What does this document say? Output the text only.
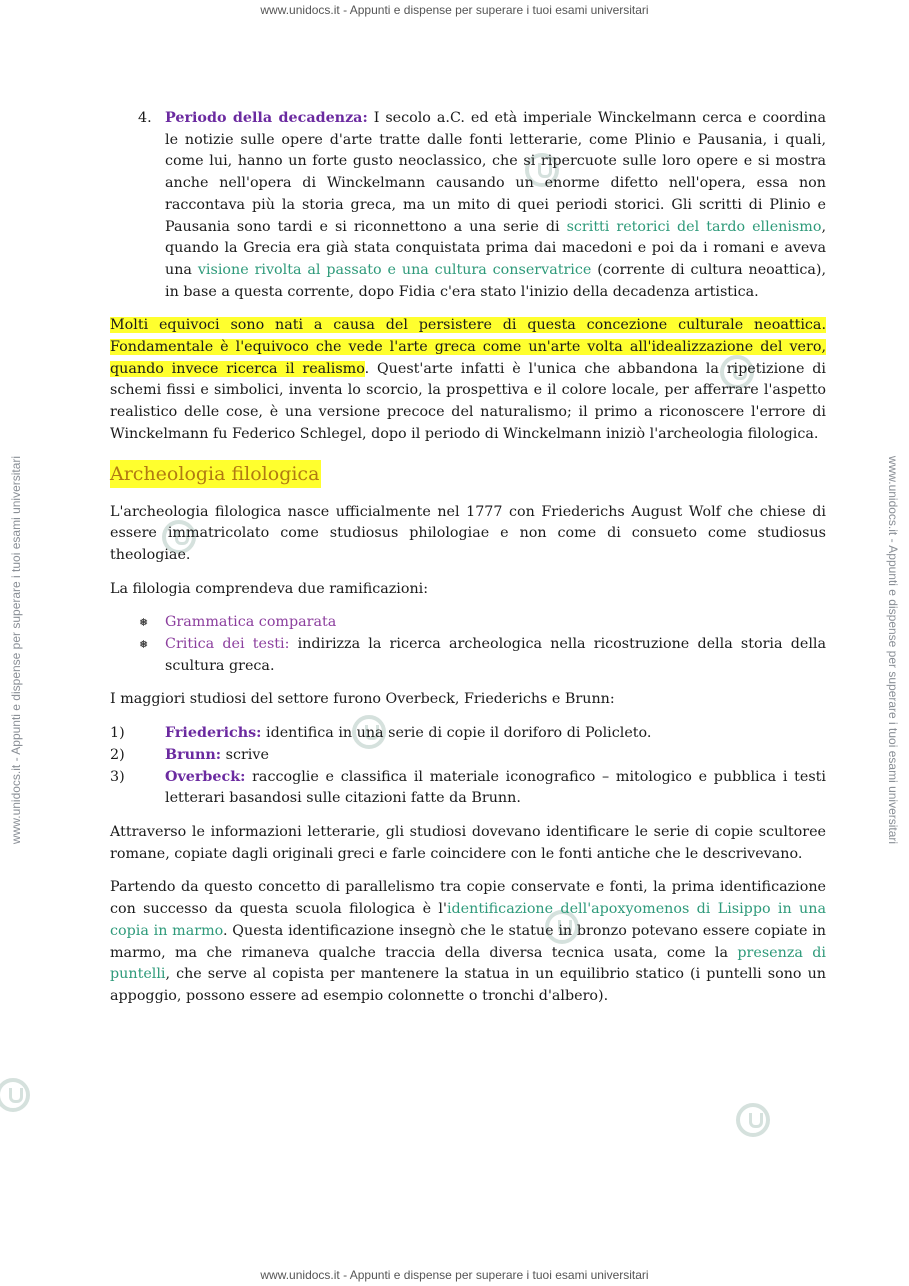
www.unidocs.it - Appunti e dispense per superare i tuoi esami universitari
www.unidocs.it - Appunti e dispense per superare i tuoi esami universitari	www.unidocs.it - Appunti e dispense per superare i tuoi esami universitari
4. Periodo della decadenza: I secolo a.C. ed età imperiale Winckelmann cerca e coordina le notizie sulle opere d'arte tratte dalle fonti letterarie, come Plinio e Pausania, i quali, come lui, hanno un forte gusto neoclassico, che si ripercuote sulle loro opere e si mostra anche nell'opera di Winckelmann causando un enorme difetto nell'opera, essa non raccontava più la storia greca, ma un mito di quei periodi storici. Gli scritti di Plinio e Pausania sono tardi e si riconnettono a una serie di scritti retorici del tardo ellenismo, quando la Grecia era già stata conquistata prima dai macedoni e poi da i romani e aveva una visione rivolta al passato e una cultura conservatrice (corrente di cultura neoattica), in base a questa corrente, dopo Fidia c'era stato l'inizio della decadenza artistica.

Molti equivoci sono nati a causa del persistere di questa concezione culturale neoattica. Fondamentale è l'equivoco che vede l'arte greca come un'arte volta all'idealizzazione del vero, quando invece ricerca il realismo. Quest'arte infatti è l'unica che abbandona la ripetizione di schemi fissi e simbolici, inventa lo scorcio, la prospettiva e il colore locale, per afferrare l'aspetto realistico delle cose, è una versione precoce del naturalismo; il primo a riconoscere l'errore di Winckelmann fu Federico Schlegel, dopo il periodo di Winckelmann iniziò l'archeologia filologica.

Archeologia filologica

L'archeologia filologica nasce ufficialmente nel 1777 con Friederichs August Wolf che chiese di essere immatricolato come studiosus philologiae e non come di consueto come studiosus theologiae.

La filologia comprendeva due ramificazioni:

❅ Grammatica comparata
❅ Critica dei testi: indirizza la ricerca archeologica nella ricostruzione della storia della scultura greca.

I maggiori studiosi del settore furono Overbeck, Friederichs e Brunn:

1)	Friederichs: identifica in una serie di copie il doriforo di Policleto.
2)	Brunn: scrive
3)	Overbeck: raccoglie e classifica il materiale iconografico – mitologico e pubblica i testi letterari basandosi sulle citazioni fatte da Brunn.

Attraverso le informazioni letterarie, gli studiosi dovevano identificare le serie di copie scultoree romane, copiate dagli originali greci e farle coincidere con le fonti antiche che le descrivevano.

Partendo da questo concetto di parallelismo tra copie conservate e fonti, la prima identificazione con successo da questa scuola filologica è l'identificazione dell'apoxyomenos di Lisippo in una copia in marmo. Questa identificazione insegnò che le statue in bronzo potevano essere copiate in marmo, ma che rimaneva qualche traccia della diversa tecnica usata, come la presenza di puntelli, che serve al copista per mantenere la statua in un equilibrio statico (i puntelli sono un appoggio, possono essere ad esempio colonnette o tronchi d'albero).

www.unidocs.it - Appunti e dispense per superare i tuoi esami universitari
